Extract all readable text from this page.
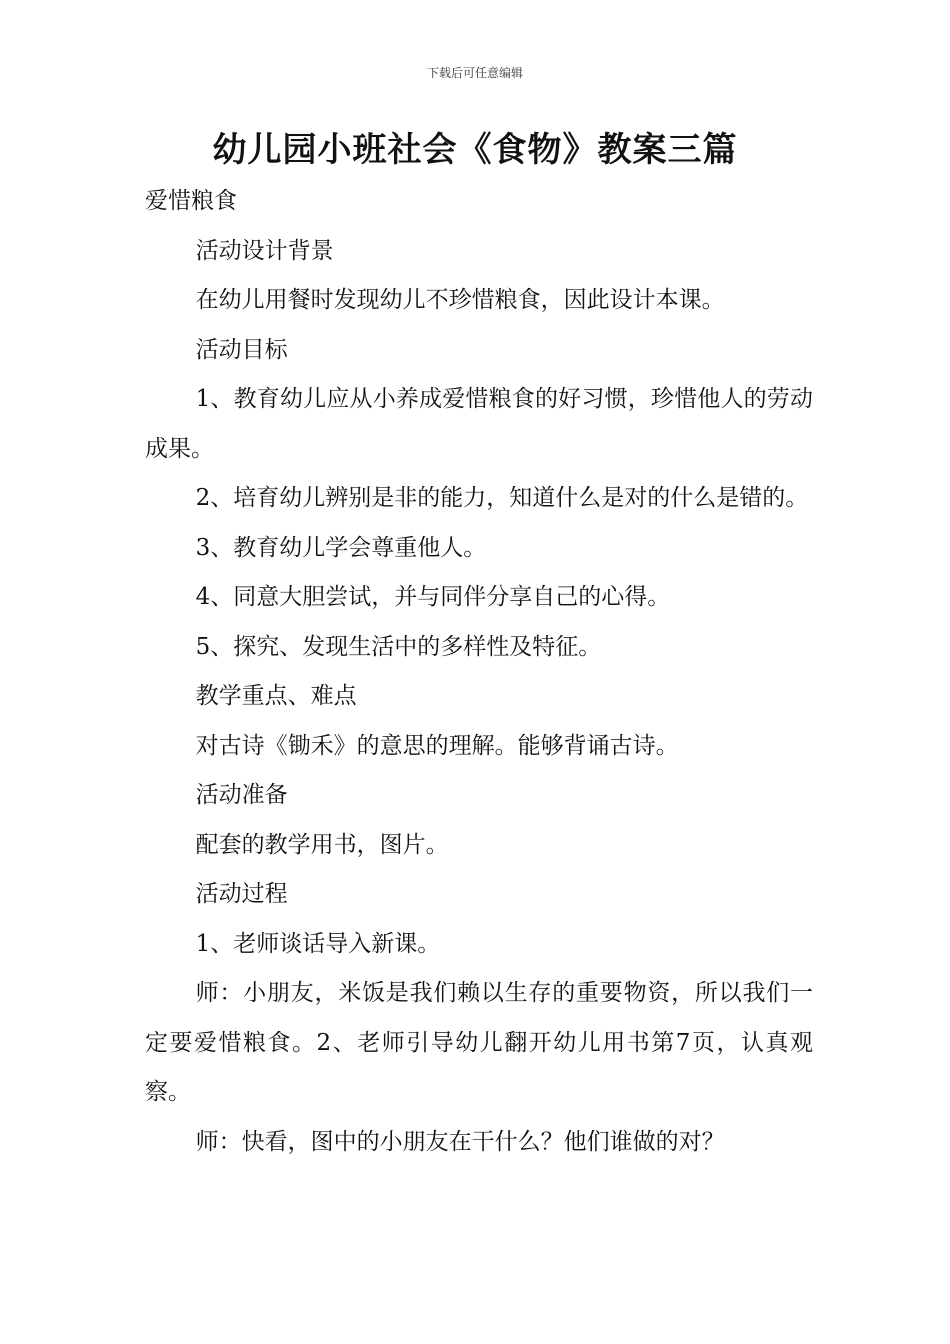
下载后可任意编辑
幼儿园小班社会《食物》教案三篇

爱惜粮食

活动设计背景

在幼儿用餐时发现幼儿不珍惜粮食，因此设计本课。

活动目标

1、教育幼儿应从小养成爱惜粮食的好习惯，珍惜他人的劳动成果。

2、培育幼儿辨别是非的能力，知道什么是对的什么是错的。

3、教育幼儿学会尊重他人。

4、同意大胆尝试，并与同伴分享自己的心得。

5、探究、发现生活中的多样性及特征。

教学重点、难点

对古诗《锄禾》的意思的理解。能够背诵古诗。

活动准备

配套的教学用书，图片。

活动过程

1、老师谈话导入新课。

师：小朋友，米饭是我们赖以生存的重要物资，所以我们一定要爱惜粮食。2、老师引导幼儿翻开幼儿用书第7页，认真观察。

师：快看，图中的小朋友在干什么？他们谁做的对？
